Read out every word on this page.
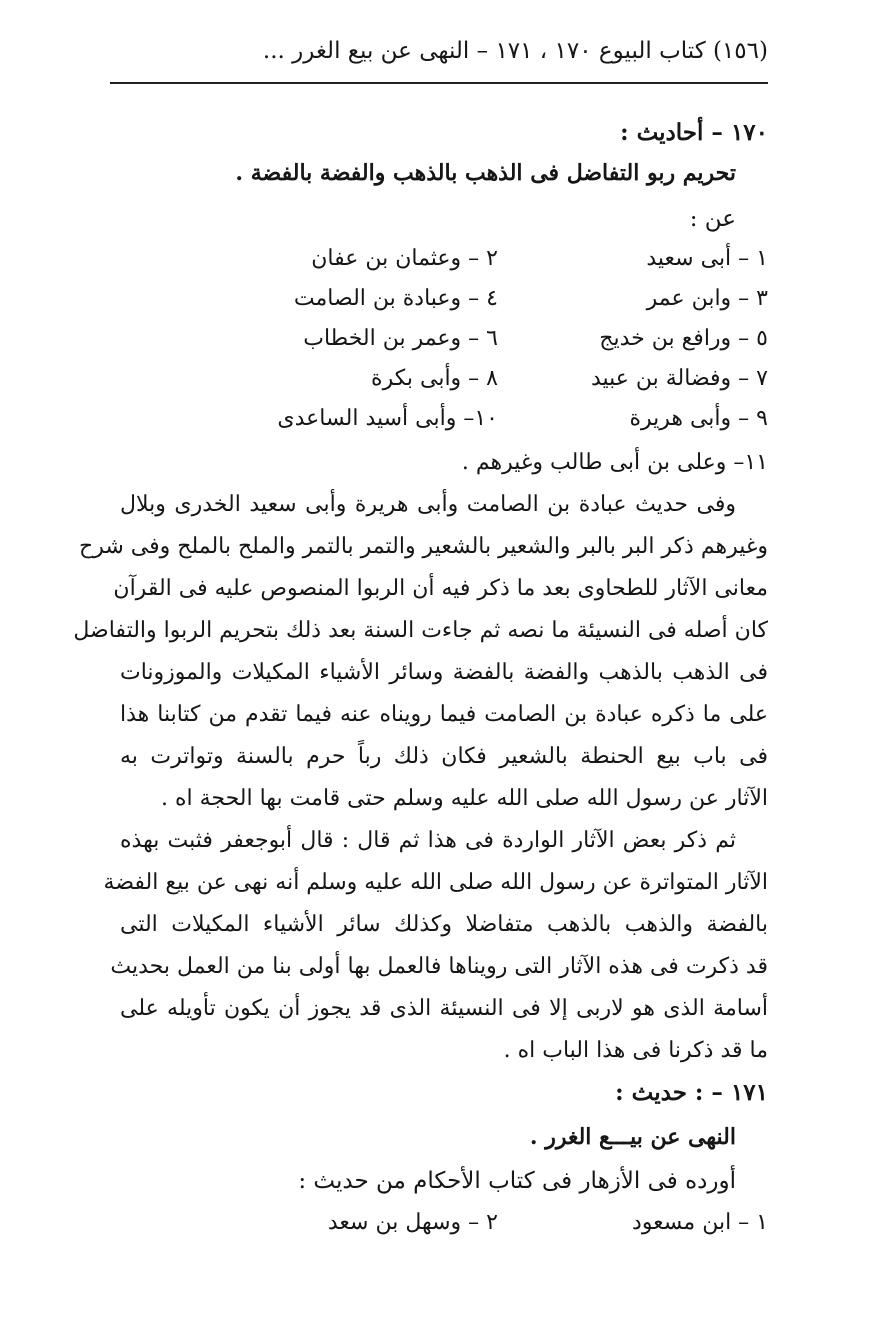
(١٥٦) كتاب البيوع ١٧٠ ، ١٧١ – النهى عن بيع الغرر ...
١٧٠ – أحاديث :
تحريم ربو التفاضل فى الذهب بالذهب والفضة بالفضة .
عن :
١ – أبى سعيد
٢ – وعثمان بن عفان
٣ – وابن عمر
٤ – وعبادة بن الصامت
٥ – ورافع بن خديج
٦ – وعمر بن الخطاب
٧ – وفضالة بن عبيد
٨ – وأبى بكرة
٩ – وأبى هريرة
١٠– وأبى أسيد الساعدى
١١– وعلى بن أبى طالب وغيرهم .
وفى حديث عبادة بن الصامت وأبى هريرة وأبى سعيد الخدرى وبلال
وغيرهم ذكر البر بالبر والشعير بالشعير والتمر بالتمر والملح بالملح وفى شرح
معانى الآثار للطحاوى بعد ما ذكر فيه أن الربوا المنصوص عليه فى القرآن
كان أصله فى النسيئة ما نصه ثم جاءت السنة بعد ذلك بتحريم الربوا والتفاضل
فى الذهب بالذهب والفضة بالفضة وسائر الأشياء المكيلات والموزونات
على ما ذكره عبادة بن الصامت فيما رويناه عنه فيما تقدم من كتابنا هذا
فى باب بيع الحنطة بالشعير فكان ذلك رباً حرم بالسنة وتواترت به
الآثار عن رسول الله صلى الله عليه وسلم حتى قامت بها الحجة اه .
ثم ذكر بعض الآثار الواردة فى هذا ثم قال : قال أبوجعفر فثبت بهذه
الآثار المتواترة عن رسول الله صلى الله عليه وسلم أنه نهى عن بيع الفضة
بالفضة والذهب بالذهب متفاضلا وكذلك سائر الأشياء المكيلات التى
قد ذكرت فى هذه الآثار التى رويناها فالعمل بها أولى بنا من العمل بحديث
أسامة الذى هو لاربى إلا فى النسيئة الذى قد يجوز أن يكون تأويله على
ما قد ذكرنا فى هذا الباب اه .
١٧١ – : حديث :
النهى عن بيـــع الغرر .
أورده فى الأزهار فى كتاب الأحكام من حديث :
١ – ابن مسعود
٢ – وسهل بن سعد
